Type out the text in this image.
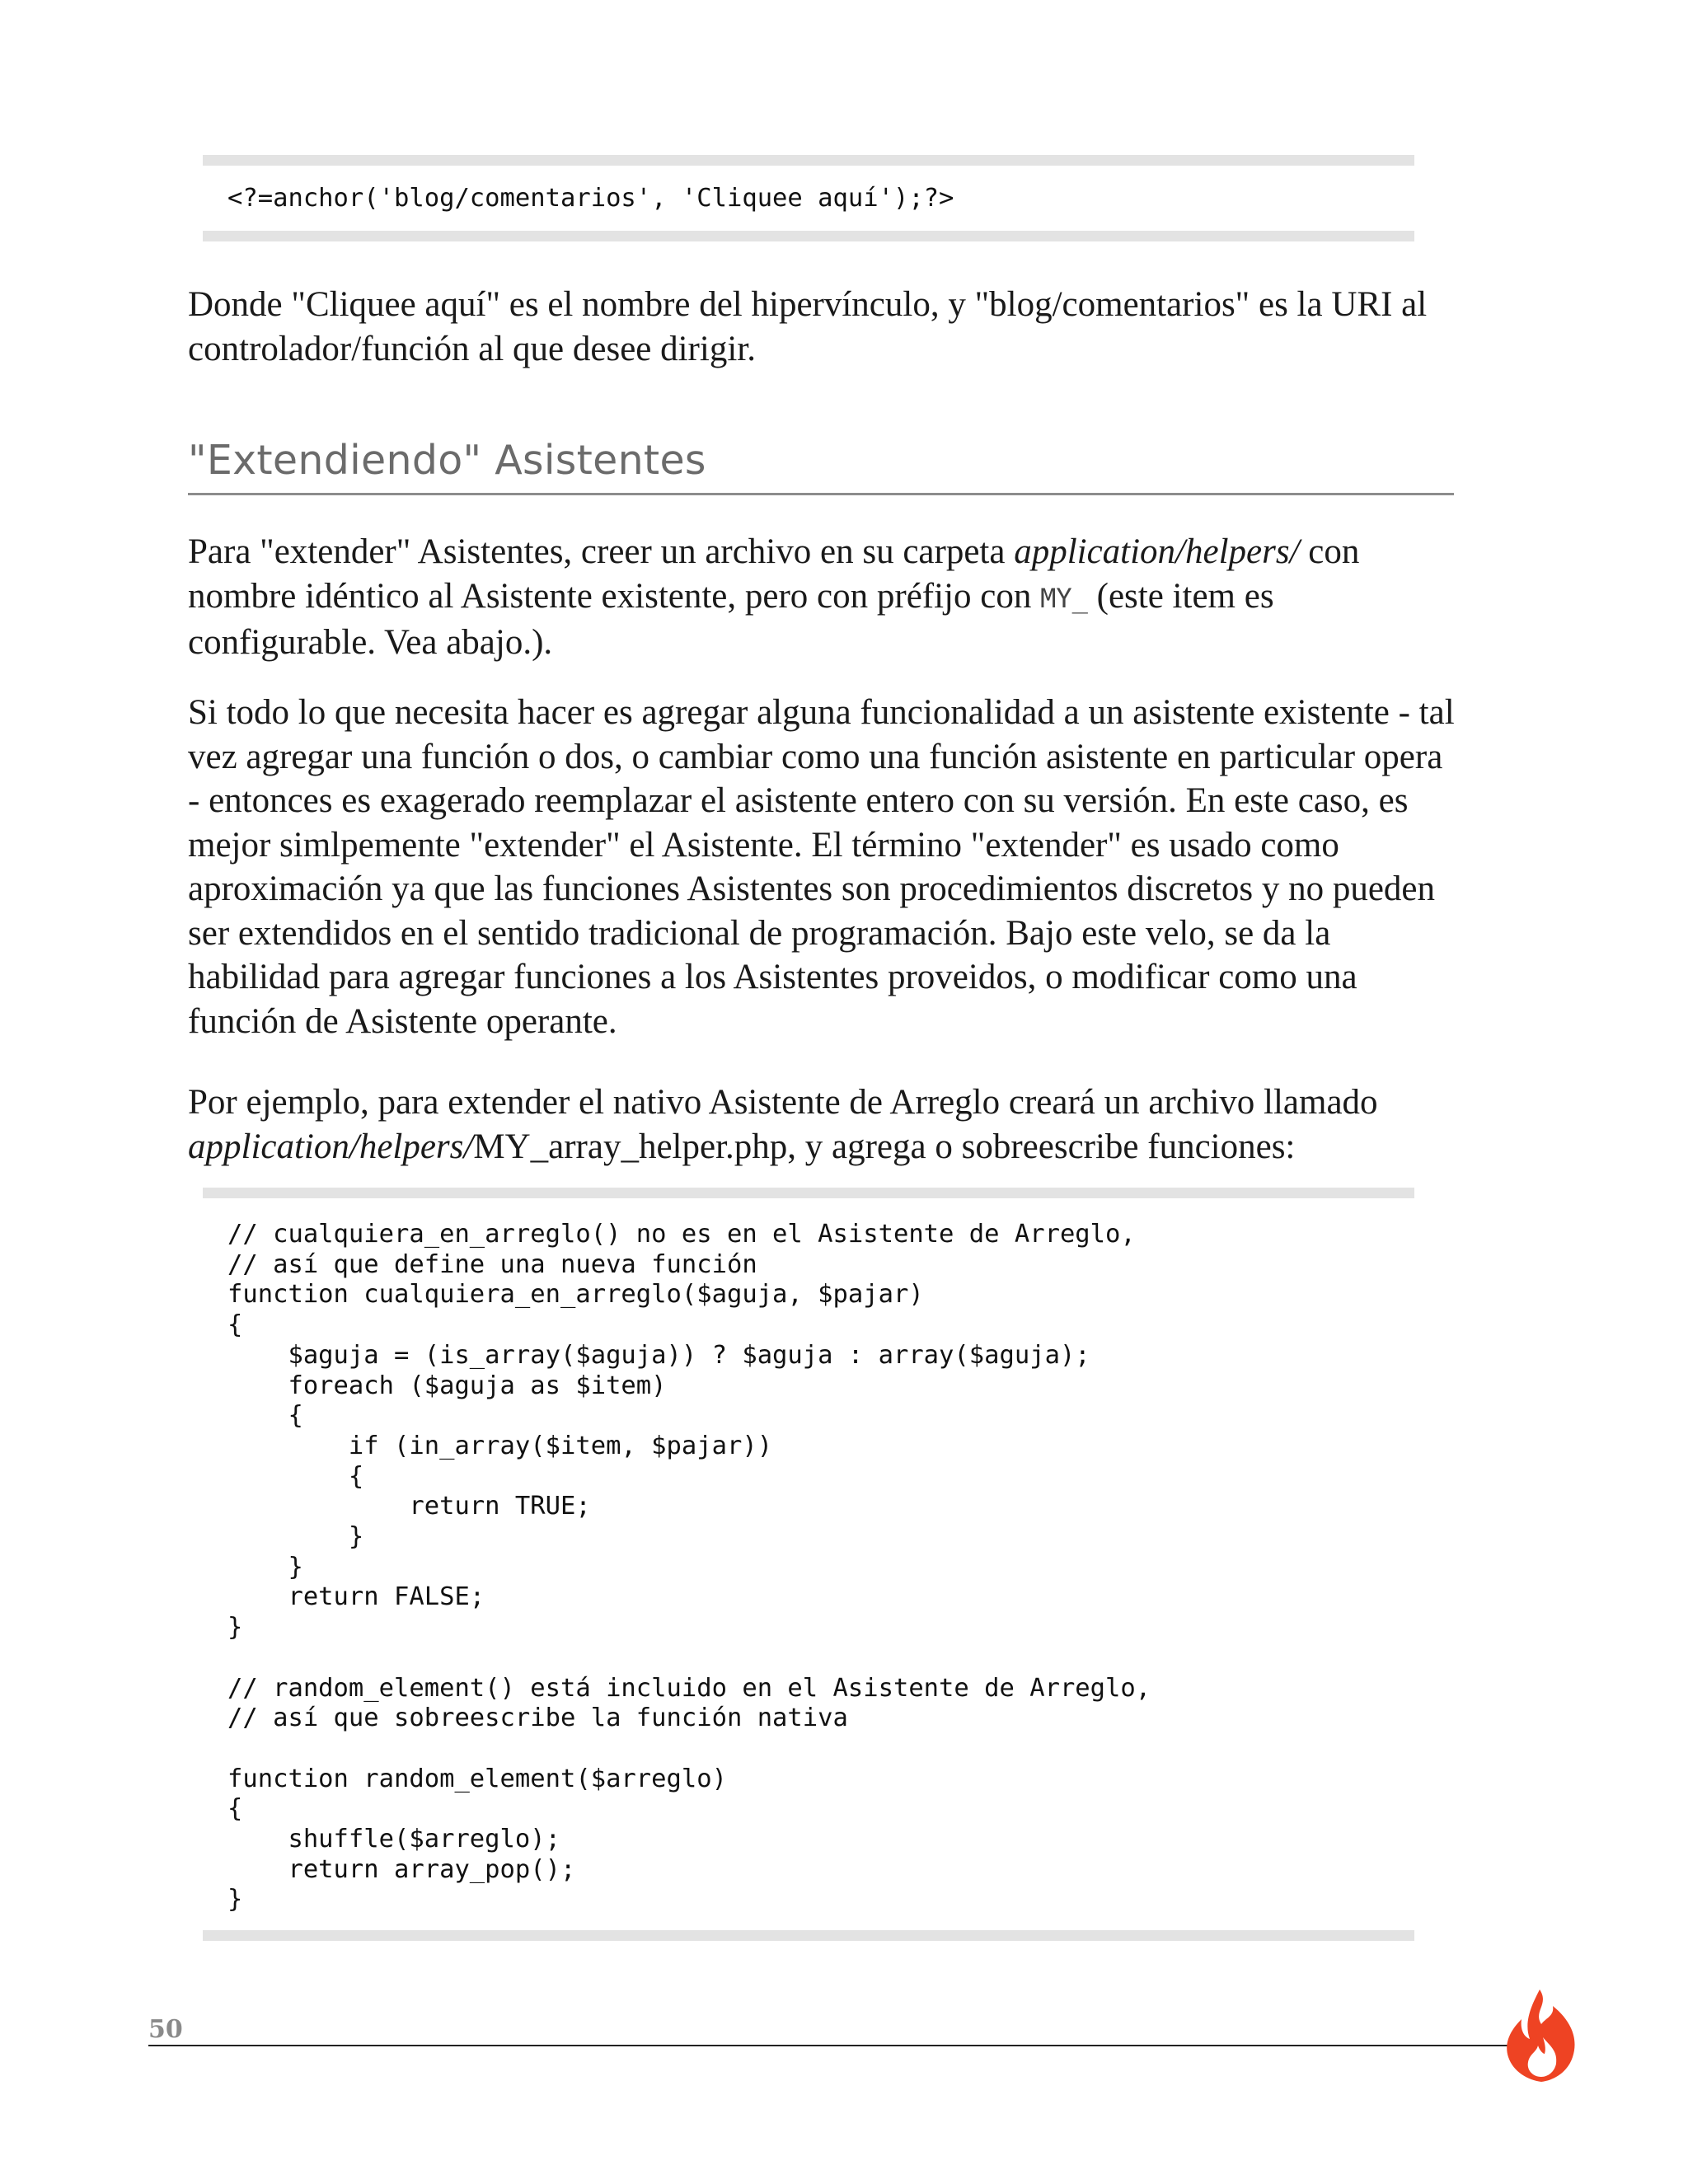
<?=anchor('blog/comentarios', 'Cliquee aquí');?>

Donde "Cliquee aquí" es el nombre del hipervínculo, y "blog/comentarios" es la URI al controlador/función al que desee dirigir.

"Extendiendo" Asistentes

Para "extender" Asistentes, creer un archivo en su carpeta application/helpers/ con nombre idéntico al Asistente existente, pero con préfijo con MY_ (este item es configurable. Vea abajo.).

Si todo lo que necesita hacer es agregar alguna funcionalidad a un asistente existente - tal vez agregar una función o dos, o cambiar como una función asistente en particular opera - entonces es exagerado reemplazar el asistente entero con su versión. En este caso, es mejor simlpemente "extender" el Asistente. El término "extender" es usado como aproximación ya que las funciones Asistentes son procedimientos discretos y no pueden ser extendidos en el sentido tradicional de programación. Bajo este velo, se da la habilidad para agregar funciones a los Asistentes proveidos, o modificar como una función de Asistente operante.

Por ejemplo, para extender el nativo Asistente de Arreglo creará un archivo llamado application/helpers/MY_array_helper.php, y agrega o sobreescribe funciones:

// cualquiera_en_arreglo() no es en el Asistente de Arreglo,
// así que define una nueva función
function cualquiera_en_arreglo($aguja, $pajar)
{
$aguja = (is_array($aguja)) ? $aguja : array($aguja);
foreach ($aguja as $item)
{
if (in_array($item, $pajar))
{
return TRUE;
}
}
return FALSE;
}

// random_element() está incluido en el Asistente de Arreglo,
// así que sobreescribe la función nativa

function random_element($arreglo)
{
shuffle($arreglo);
return array_pop();
}
50
